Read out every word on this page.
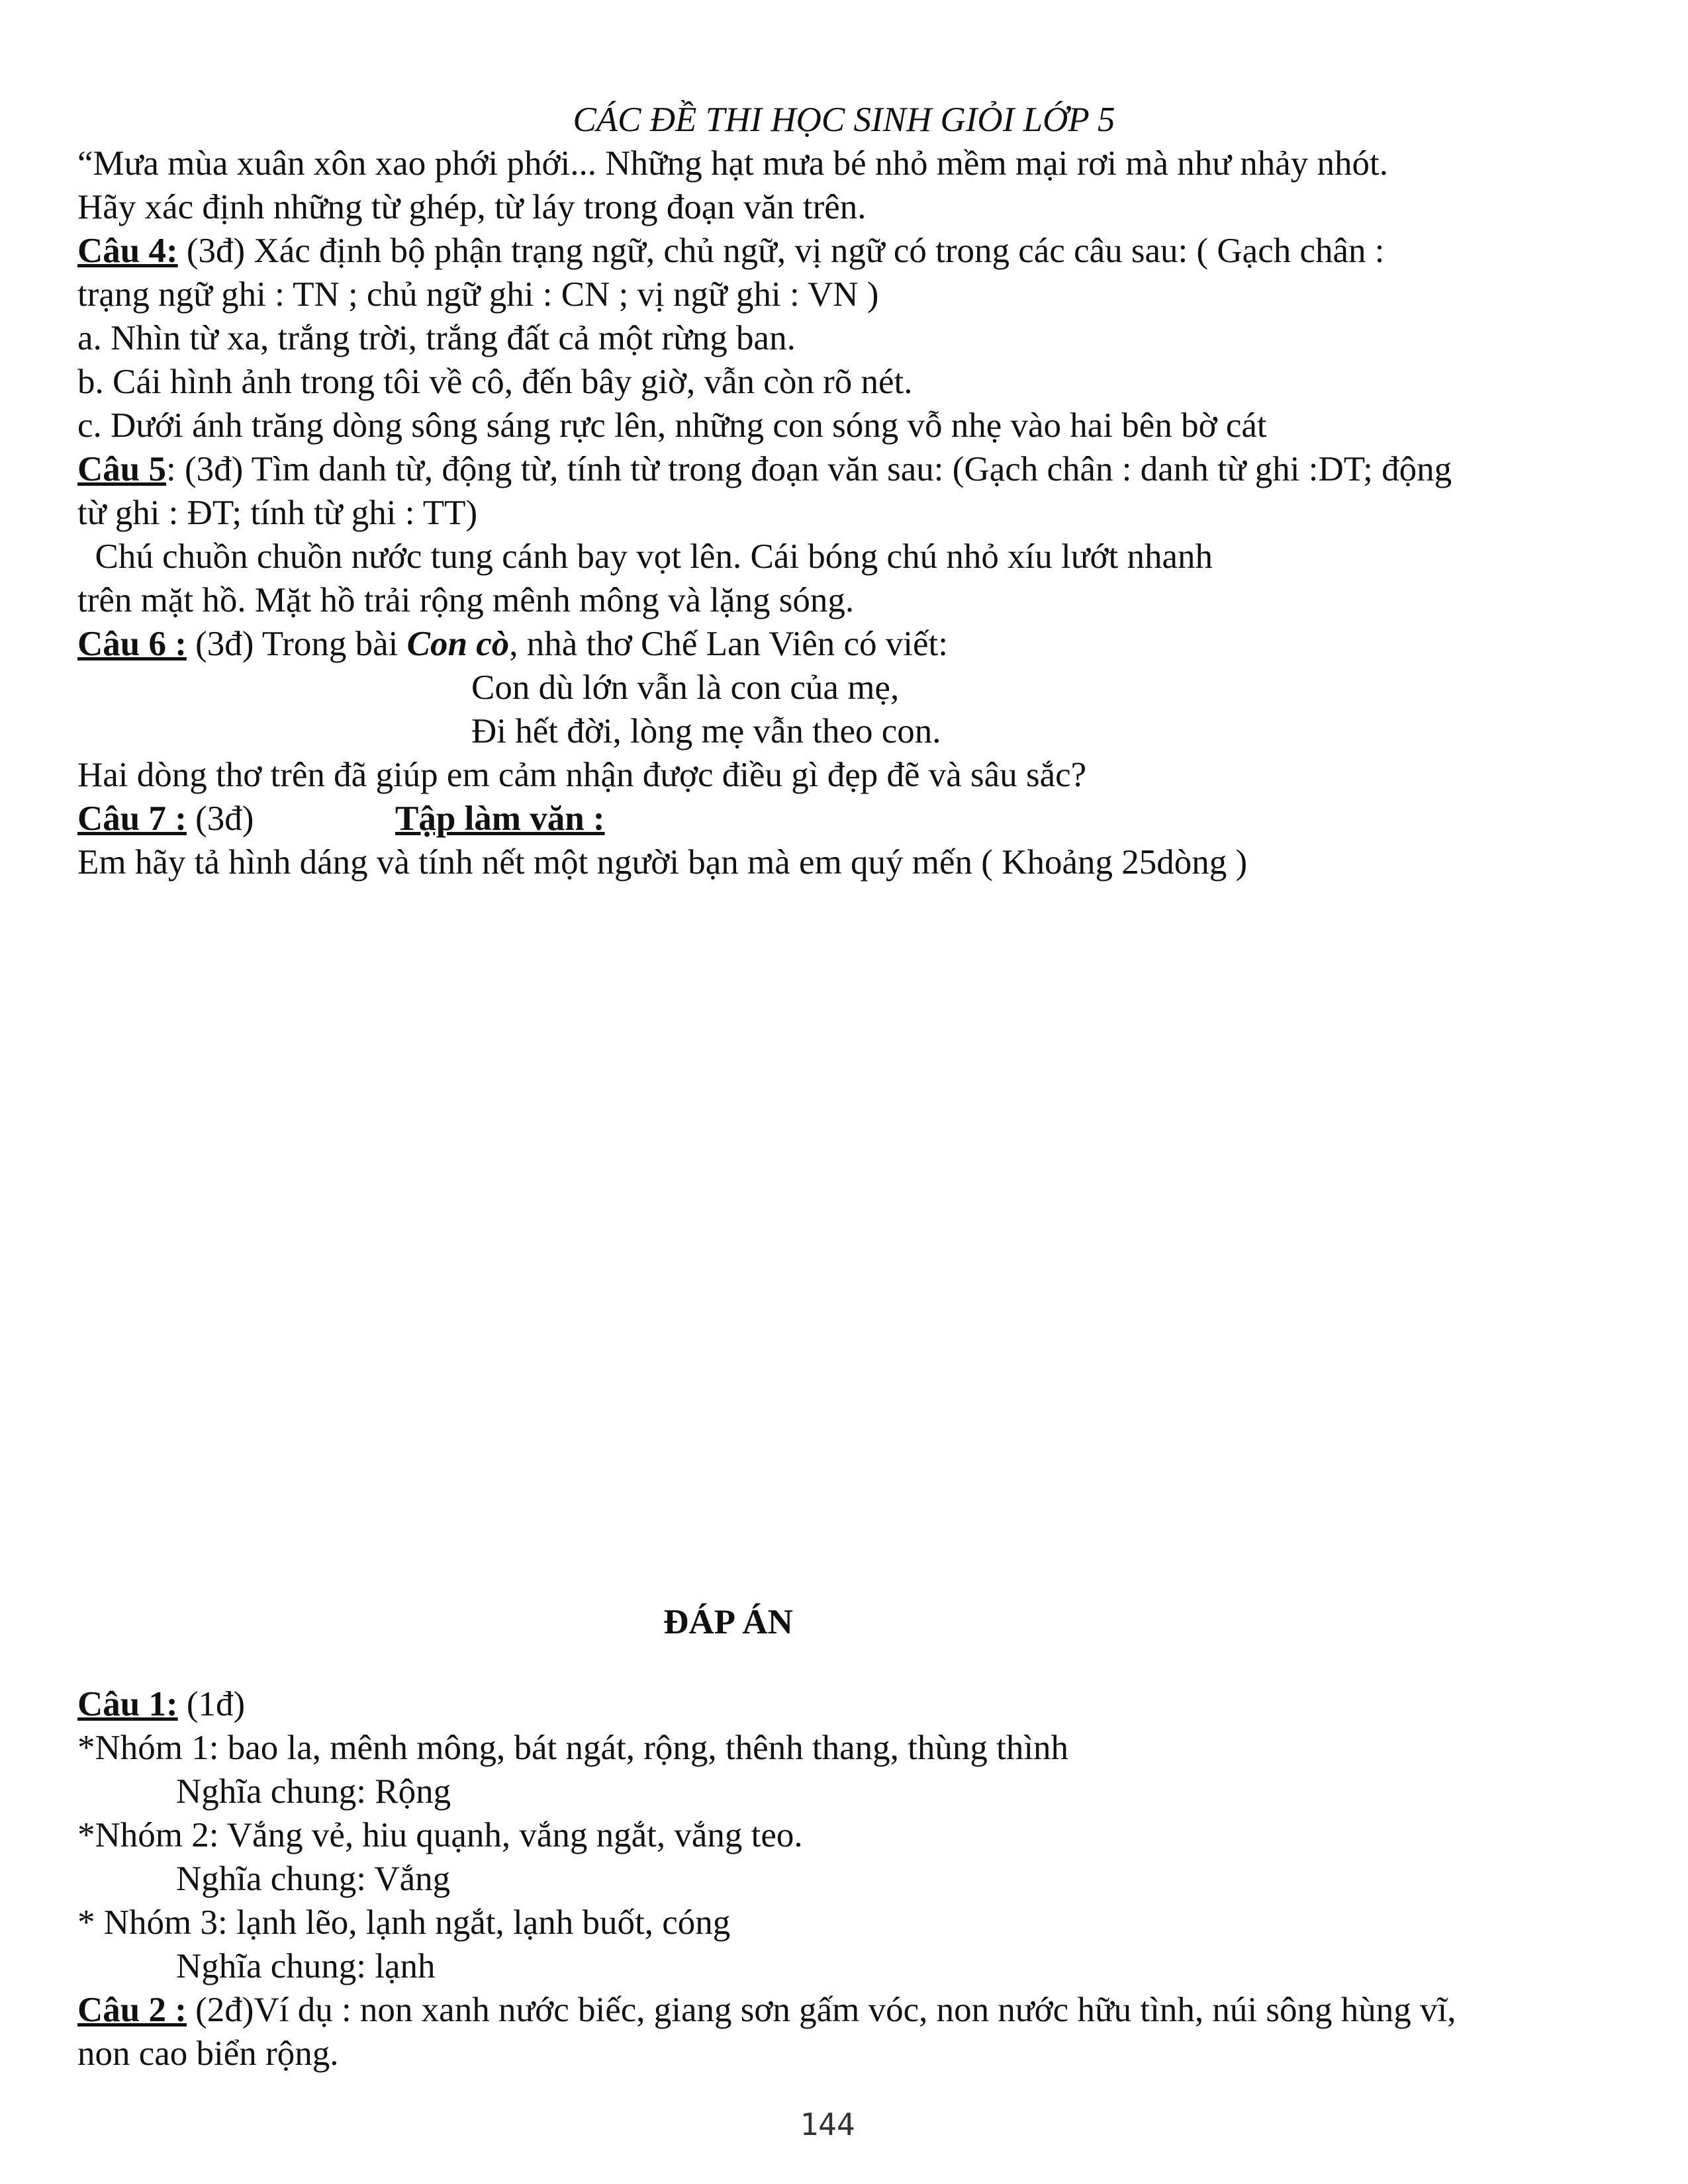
CÁC ĐỀ THI HỌC SINH GIỎI LỚP 5
“Mưa mùa xuân xôn xao phới phới... Những hạt mưa bé nhỏ mềm mại rơi mà như nhảy nhót.
Hãy xác định những từ ghép, từ láy trong đoạn văn trên.
Câu 4: (3đ) Xác định bộ phận trạng ngữ, chủ ngữ, vị ngữ có trong các câu sau: ( Gạch chân :
trạng ngữ ghi : TN ; chủ ngữ ghi : CN ; vị ngữ ghi : VN )
a. Nhìn từ xa, trắng trời, trắng đất cả một rừng ban.
b. Cái hình ảnh trong tôi về cô, đến bây giờ, vẫn còn rõ nét.
c. Dưới ánh trăng dòng sông sáng rực lên, những con sóng vỗ nhẹ vào hai bên bờ cát
Câu 5: (3đ) Tìm danh từ, động từ, tính từ trong đoạn văn sau: (Gạch chân : danh từ ghi :DT; động
từ ghi : ĐT; tính từ ghi : TT)
Chú chuồn chuồn nước tung cánh bay vọt lên. Cái bóng chú nhỏ xíu lướt nhanh
trên mặt hồ. Mặt hồ trải rộng mênh mông và lặng sóng.
Câu 6 : (3đ) Trong bài Con cò, nhà thơ Chế Lan Viên có viết:
Con dù lớn vẫn là con của mẹ,
Đi hết đời, lòng mẹ vẫn theo con.
Hai dòng thơ trên đã giúp em cảm nhận được điều gì đẹp đẽ và sâu sắc?
Câu 7 : (3đ)	Tập làm văn :
Em hãy tả hình dáng và tính nết một người bạn mà em quý mến ( Khoảng 25dòng )
ĐÁP ÁN
Câu 1: (1đ)
*Nhóm 1: bao la, mênh mông, bát ngát, rộng, thênh thang, thùng thình
Nghĩa chung: Rộng
*Nhóm 2: Vắng vẻ, hiu quạnh, vắng ngắt, vắng teo.
Nghĩa chung: Vắng
* Nhóm 3: lạnh lẽo, lạnh ngắt, lạnh buốt, cóng
Nghĩa chung: lạnh
Câu 2 : (2đ)Ví dụ : non xanh nước biếc, giang sơn gấm vóc, non nước hữu tình, núi sông hùng vĩ,
non cao biển rộng.
144
